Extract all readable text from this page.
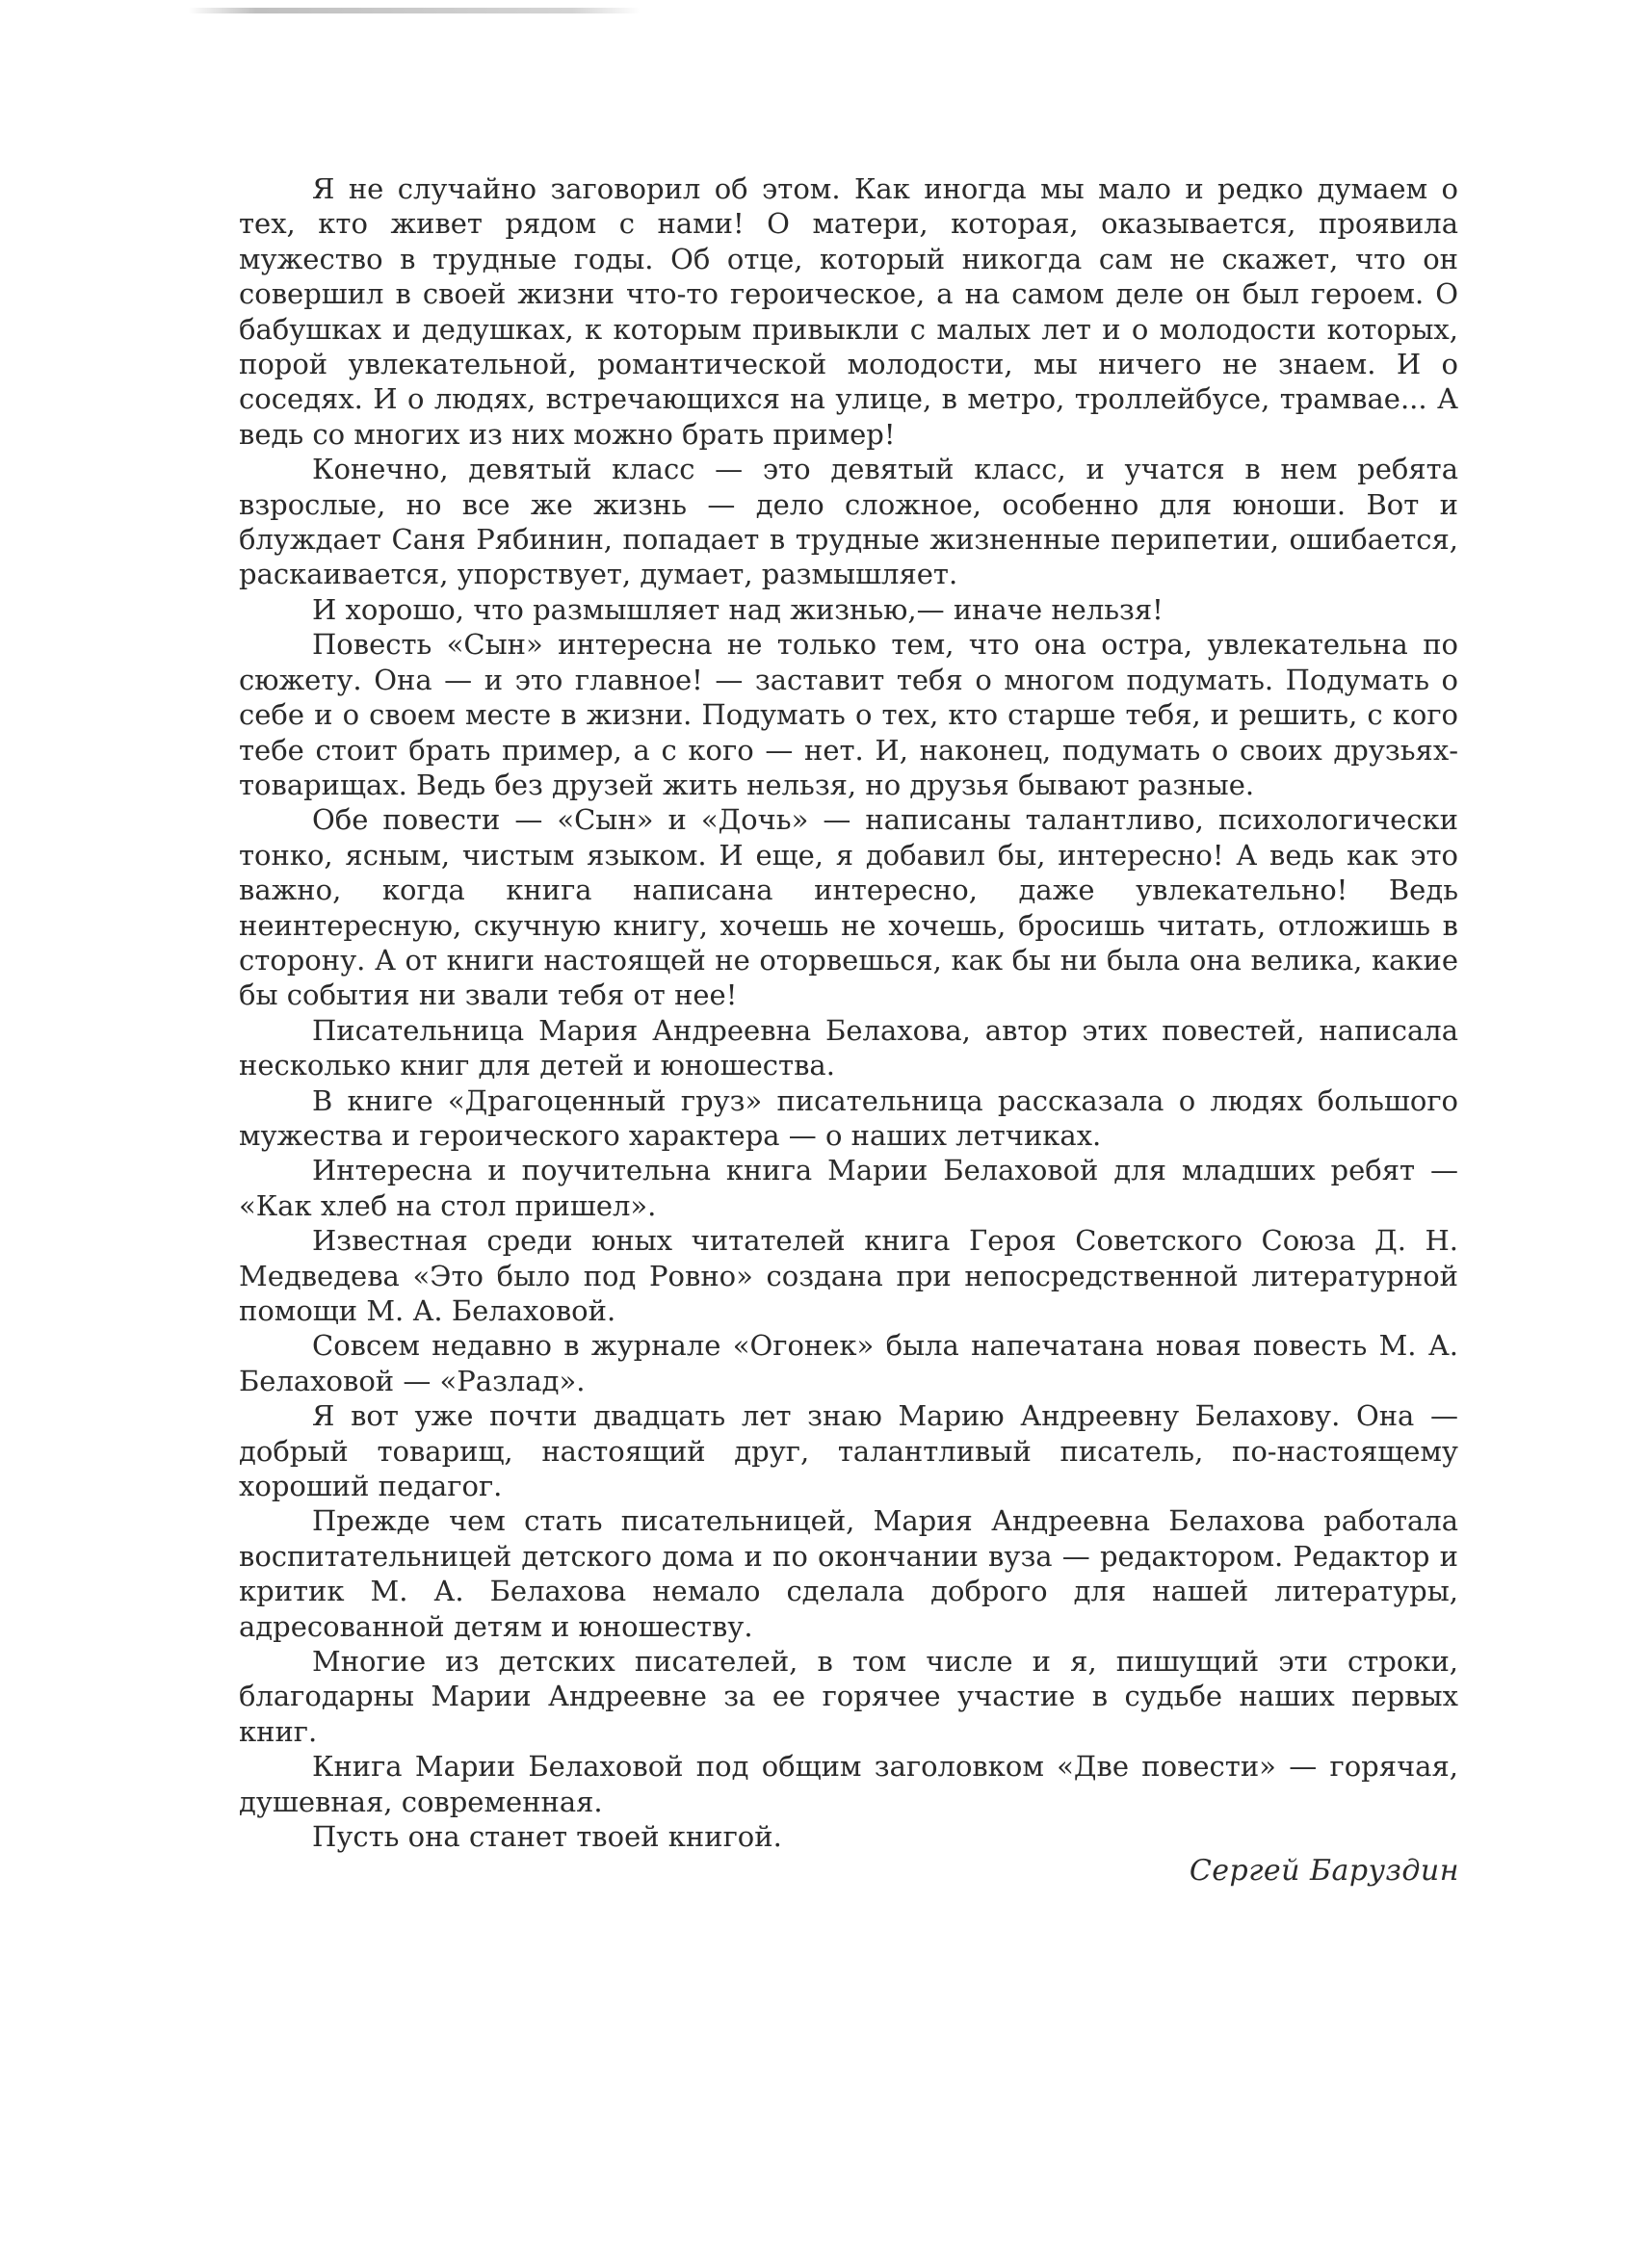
Я не случайно заговорил об этом. Как иногда мы мало и редко думаем о тех, кто живет рядом с нами! О матери, которая, оказывается, проявила мужество в трудные годы. Об отце, который никогда сам не скажет, что он совершил в своей жизни что-то героическое, а на самом деле он был героем. О бабушках и дедушках, к которым привыкли с малых лет и о молодости которых, порой увлекательной, романтической молодости, мы ничего не знаем. И о соседях. И о людях, встречающихся на улице, в метро, троллейбусе, трамвае... А ведь со многих из них можно брать пример!

Конечно, девятый класс — это девятый класс, и учатся в нем ребята взрослые, но все же жизнь — дело сложное, особенно для юноши. Вот и блуждает Саня Рябинин, попадает в трудные жизненные перипетии, ошибается, раскаивается, упорствует, думает, размышляет.

И хорошо, что размышляет над жизнью,— иначе нельзя!

Повесть «Сын» интересна не только тем, что она остра, увлекательна по сюжету. Она — и это главное! — заставит тебя о многом подумать. Подумать о себе и о своем месте в жизни. Подумать о тех, кто старше тебя, и решить, с кого тебе стоит брать пример, а с кого — нет. И, наконец, подумать о своих друзьях-товарищах. Ведь без друзей жить нельзя, но друзья бывают разные.

Обе повести — «Сын» и «Дочь» — написаны талантливо, психологически тонко, ясным, чистым языком. И еще, я добавил бы, интересно! А ведь как это важно, когда книга написана интересно, даже увлекательно! Ведь неинтересную, скучную книгу, хочешь не хочешь, бросишь читать, отложишь в сторону. А от книги настоящей не оторвешься, как бы ни была она велика, какие бы события ни звали тебя от нее!

Писательница Мария Андреевна Белахова, автор этих повестей, написала несколько книг для детей и юношества.

В книге «Драгоценный груз» писательница рассказала о людях большого мужества и героического характера — о наших летчиках.

Интересна и поучительна книга Марии Белаховой для младших ребят — «Как хлеб на стол пришел».

Известная среди юных читателей книга Героя Советского Союза Д. Н. Медведева «Это было под Ровно» создана при непосредственной литературной помощи М. А. Белаховой.

Совсем недавно в журнале «Огонек» была напечатана новая повесть М. А. Белаховой — «Разлад».

Я вот уже почти двадцать лет знаю Марию Андреевну Белахову. Она — добрый товарищ, настоящий друг, талантливый писатель, по-настоящему хороший педагог.

Прежде чем стать писательницей, Мария Андреевна Белахова работала воспитательницей детского дома и по окончании вуза — редактором. Редактор и критик М. А. Белахова немало сделала доброго для нашей литературы, адресованной детям и юношеству.

Многие из детских писателей, в том числе и я, пишущий эти строки, благодарны Марии Андреевне за ее горячее участие в судьбе наших первых книг.

Книга Марии Белаховой под общим заголовком «Две повести» — горячая, душевная, современная.

Пусть она станет твоей книгой.

Сергей Баруздин
